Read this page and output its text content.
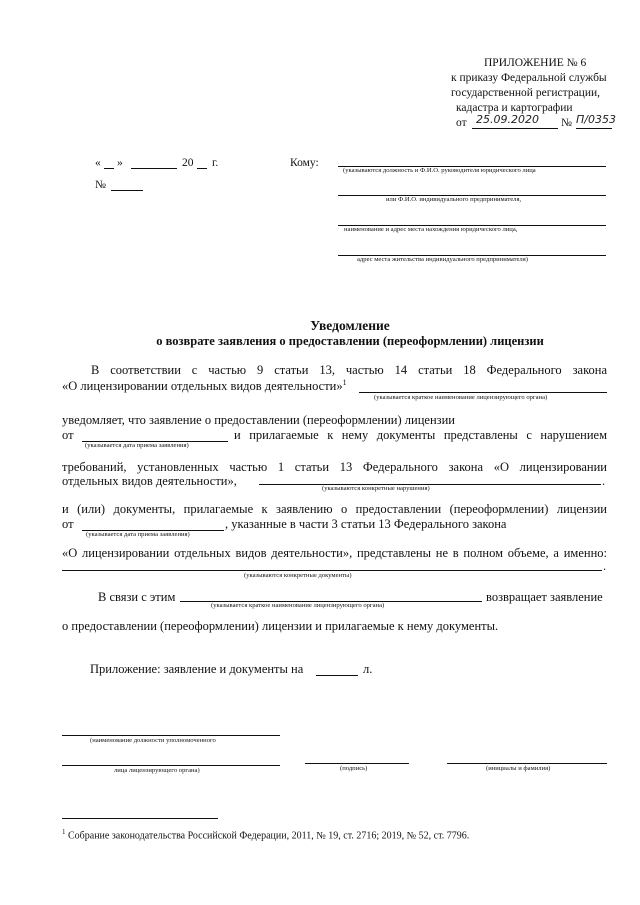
ПРИЛОЖЕНИЕ № 6
к приказу Федеральной службы
государственной регистрации,
кадастра и картографии
от 25.09.2020 № П/0353
« »	20 г.
№
Кому:
(указываются должность и Ф.И.О. руководителя юридического лица
или Ф.И.О. индивидуального предпринимателя,
наименование и адрес места нахождения юридического лица,
адрес места жительства индивидуального предпринимателя)
Уведомление
о возврате заявления о предоставлении (переоформлении) лицензии
В соответствии с частью 9 статьи 13, частью 14 статьи 18 Федерального закона
«О лицензировании отдельных видов деятельности»$^1$
(указывается краткое наименование лицензирующего органа)
уведомляет, что заявление о предоставлении (переоформлении) лицензии
от	и прилагаемые к нему документы представлены с нарушением
(указывается дата приема заявления)
требований, установленных частью 1 статьи 13 Федерального закона «О лицензировании
отдельных видов деятельности»,	.
(указываются конкретные нарушения)
и (или) документы, прилагаемые к заявлению о предоставлении (переоформлении) лицензии
от	, указанные в части 3 статьи 13 Федерального закона
(указывается дата приема заявления)
«О лицензировании отдельных видов деятельности», представлены не в полном объеме, а именно:
.
(указываются конкретные документы)
В связи с этим	возвращает заявление
(указывается краткое наименование лицензирующего органа)
о предоставлении (переоформлении) лицензии и прилагаемые к нему документы.
Приложение: заявление и документы на	л.
(наименование должности уполномоченного
лица лицензирующего органа)	(подпись)	(инициалы и фамилия)
$^1$ Собрание законодательства Российской Федерации, 2011, № 19, ст. 2716; 2019, № 52, ст. 7796.
